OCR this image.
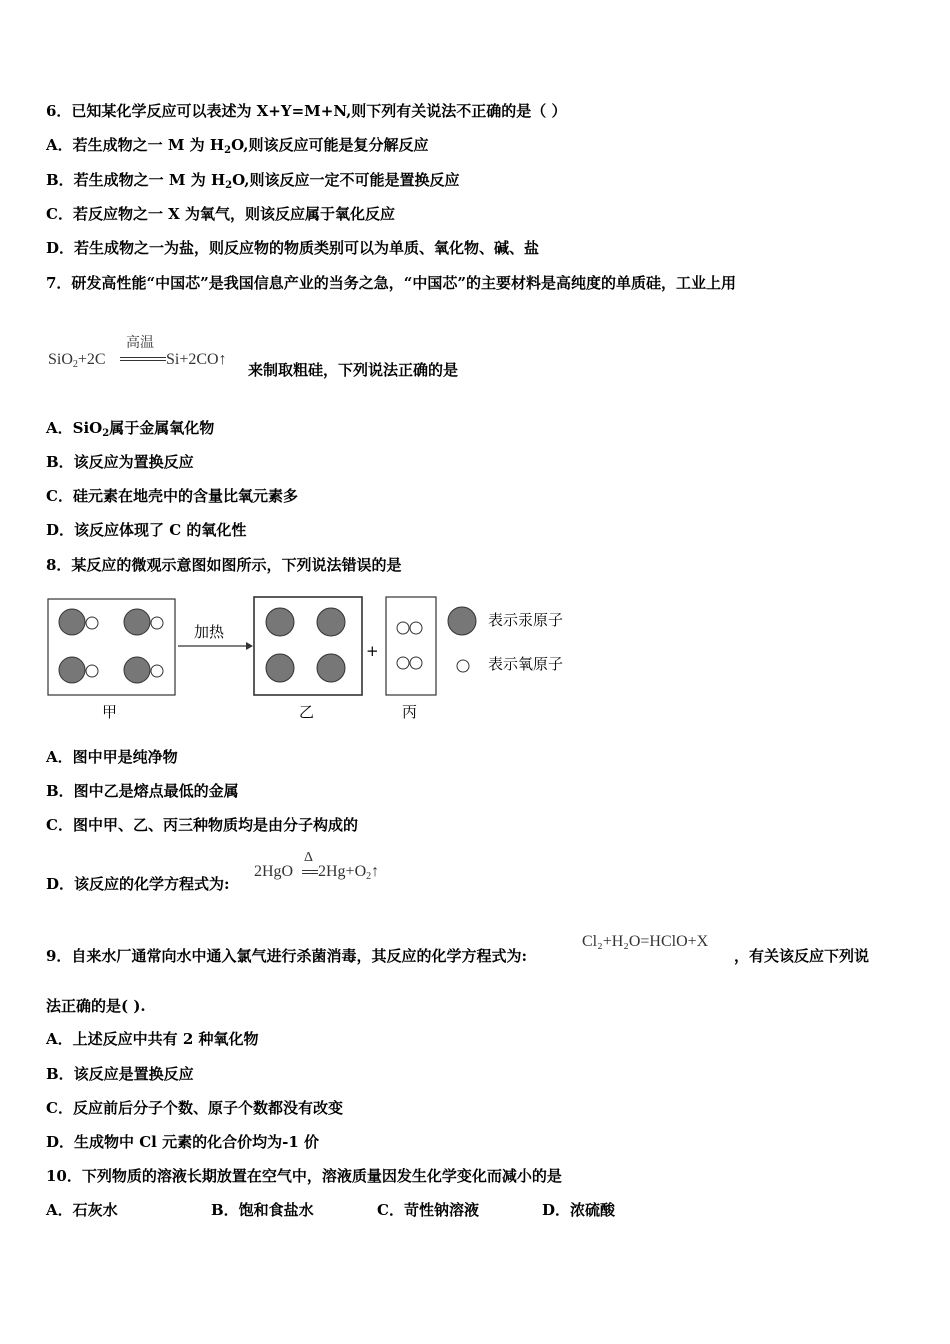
6．已知某化学反应可以表述为 X+Y=M+N,则下列有关说法不正确的是（ ）
A．若生成物之一 M 为 $H_2O$,则该反应可能是复分解反应
B．若生成物之一 M 为 $H_2O$,则该反应一定不可能是置换反应
C．若反应物之一 X 为氧气，则该反应属于氧化反应
D．若生成物之一为盐，则反应物的物质类别可以为单质、氧化物、碱、盐
7．研发高性能“中国芯”是我国信息产业的当务之急，“中国芯”的主要材料是高纯度的单质硅，工业上用
SiO$_2$+2C
高温
Si+2CO↑
来制取粗硅，下列说法正确的是
A．SiO$_2$属于金属氧化物
B．该反应为置换反应
C．硅元素在地壳中的含量比氧元素多
D．该反应体现了 C 的氧化性
8．某反应的微观示意图如图所示，下列说法错误的是
加热
+
表示汞原子
表示氧原子
甲	乙	丙
A．图中甲是纯净物
B．图中乙是熔点最低的金属
C．图中甲、乙、丙三种物质均是由分子构成的
D．该反应的化学方程式为:
2HgO
Δ
$2Hg+O_2↑$
9．自来水厂通常向水中通入氯气进行杀菌消毒，其反应的化学方程式为:
Cl₂+H₂O=HClO+X
，有关该反应下列说
法正确的是( ).
A．上述反应中共有 2 种氧化物
B．该反应是置换反应
C．反应前后分子个数、原子个数都没有改变
D．生成物中 Cl 元素的化合价均为-1 价
10．下列物质的溶液长期放置在空气中，溶液质量因发生化学变化而减小的是
A．石灰水	B．饱和食盐水	C．苛性钠溶液	D．浓硫酸
